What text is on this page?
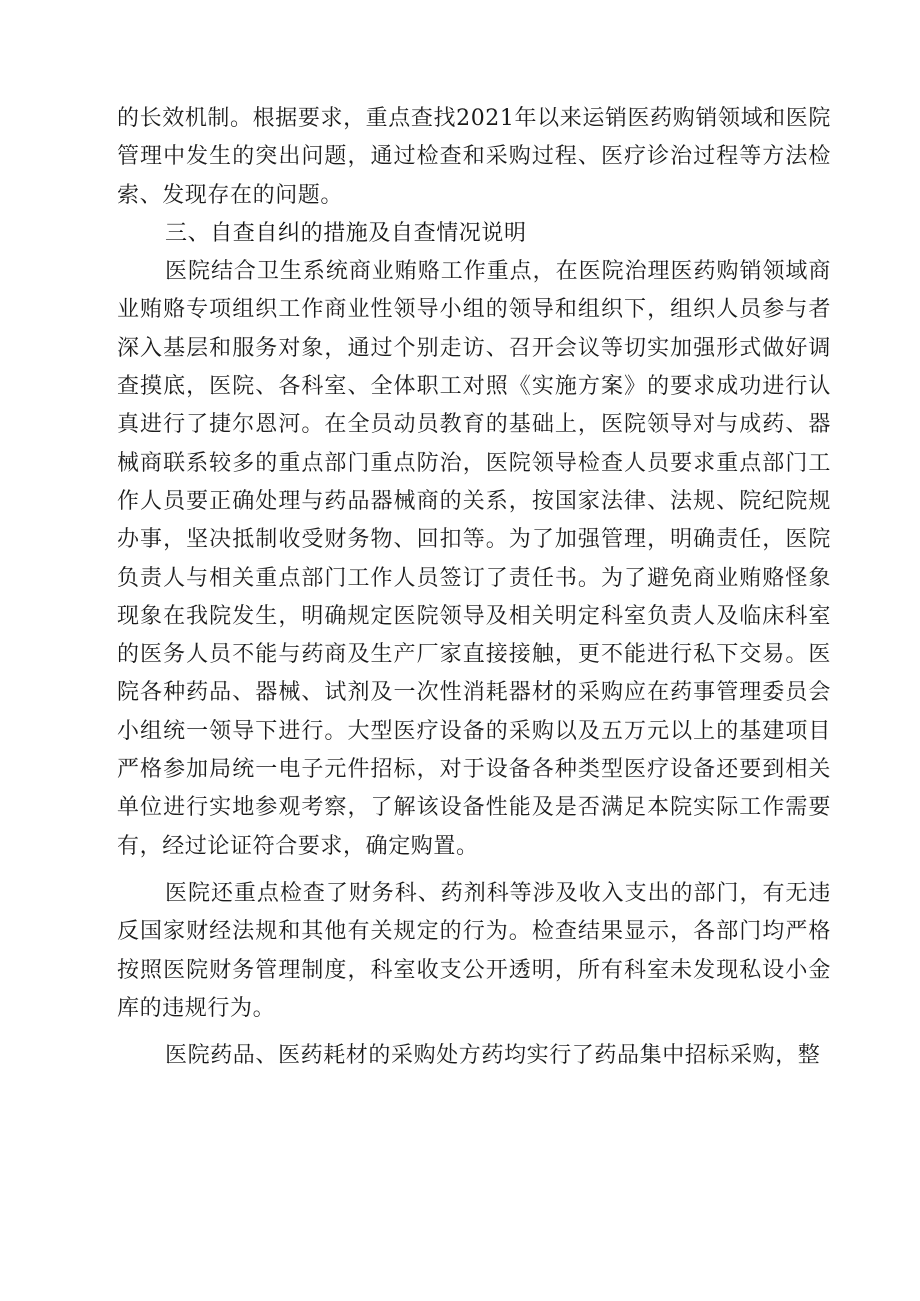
的长效机制。根据要求，重点查找2021年以来运销医药购销领域和医院管理中发生的突出问题，通过检查和采购过程、医疗诊治过程等方法检索、发现存在的问题。

三、自查自纠的措施及自查情况说明

医院结合卫生系统商业贿赂工作重点，在医院治理医药购销领域商业贿赂专项组织工作商业性领导小组的领导和组织下，组织人员参与者深入基层和服务对象，通过个别走访、召开会议等切实加强形式做好调查摸底，医院、各科室、全体职工对照《实施方案》的要求成功进行认真进行了捷尔恩河。在全员动员教育的基础上，医院领导对与成药、器械商联系较多的重点部门重点防治，医院领导检查人员要求重点部门工作人员要正确处理与药品器械商的关系，按国家法律、法规、院纪院规办事，坚决抵制收受财务物、回扣等。为了加强管理，明确责任，医院负责人与相关重点部门工作人员签订了责任书。为了避免商业贿赂怪象现象在我院发生，明确规定医院领导及相关明定科室负责人及临床科室的医务人员不能与药商及生产厂家直接接触，更不能进行私下交易。医院各种药品、器械、试剂及一次性消耗器材的采购应在药事管理委员会小组统一领导下进行。大型医疗设备的采购以及五万元以上的基建项目严格参加局统一电子元件招标，对于设备各种类型医疗设备还要到相关单位进行实地参观考察，了解该设备性能及是否满足本院实际工作需要有，经过论证符合要求，确定购置。

医院还重点检查了财务科、药剂科等涉及收入支出的部门，有无违反国家财经法规和其他有关规定的行为。检查结果显示，各部门均严格按照医院财务管理制度，科室收支公开透明，所有科室未发现私设小金库的违规行为。

医院药品、医药耗材的采购处方药均实行了药品集中招标采购，整
